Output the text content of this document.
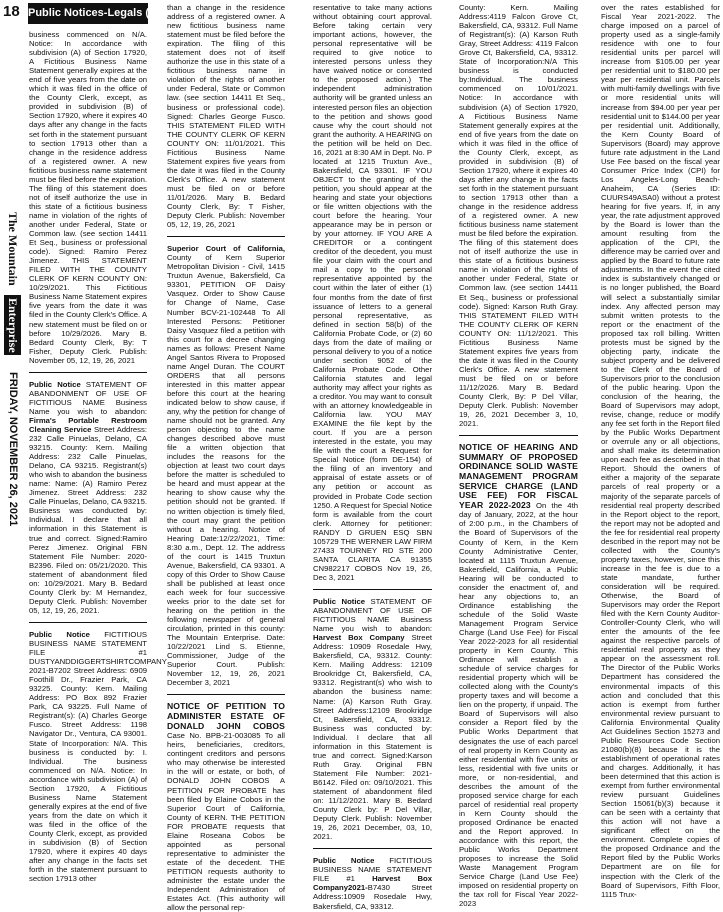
18
The Mountain Enterprise FRIDAY, NOVEMBER 26, 2021
Public Notices-Legals (cont.)

business commenced on N/A. Notice: In accordance with subdivision (A) of Section 17920, A Fictitious Business Name Statement generally expires at the end of five years from the date on which it was filed in the office of the County Clerk, except, as provided in subdivision (B) of Section 17920, where it expires 40 days after any change in the facts set forth in the statement pursuant to section 17913 other than a change in the residence address of a registered owner. A new fictitious business name statement must be filed before the expiration. The filing of this statement does not of itself authorize the use in this state of a fictitious business name in violation of the rights of another under Federal, State or Common law. (see section 14411 Et Seq., business or professional code). Signed: Ramiro Perez Jimenez. THIS STATEMENT FILED WITH THE COUNTY CLERK OF KERN COUNTY ON: 10/29/2021. This Fictitious Business Name Statement expires five years from the date it was filed in the County Clerk's Office. A new statement must be filed on or before 10/29/2026. Mary B. Bedard County Clerk, By: T Fisher, Deputy Clerk. Publish: November 05, 12, 19, 26, 2021

Public Notice STATEMENT OF ABANDONMENT OF USE OF FICTITIOUS NAME Business Name you wish to abandon: Firma's Portable Restroom Cleaning Service Street Address: 232 Calle Pinuelas, Delano, CA 93215. County: Kern. Mailing Address: 232 Calle Pinuelas, Delano, CA 93215. Registrant(s) who wish to abandon the business name: Name: (A) Ramiro Perez Jimenez. Street Address: 232 Calle Pinuelas, Delano, CA 93215. Business was conducted by: Individual. I declare that all information in this Statement is true and correct. Signed:Ramiro Perez Jimenez. Original FBN Statement File Number: 2020-B2396. Filed on: 05/21/2020. This statement of abandonment filed on: 10/29/2021. Mary B. Bedard County Clerk by: M Hernandez, Deputy Clerk. Publish: November 05, 12, 19, 26, 2021.

Public Notice FICTITIOUS BUSINESS NAME STATEMENT FILE #1 DUSTYANDDIGGERTSHIRTCOMPANY 2021-B7202 Street Address: 6909 Foothill Dr., Frazier Park, CA 93225. County: Kern. Mailing Address: PO Box 892 Frazier Park, CA 93225. Full Name of Registrant(s): (A) Charles George Fusco. Street Address: 1198 Navigator Dr., Ventura, CA 93001. State of Incorporation: N/A. This business is conducted by: I. Individual. The business commenced on N/A. Notice: In accordance with subdivision (A) of Section 17920, A Fictitious Business Name Statement generally expires at the end of five years from the date on which it was filed in the office of the County Clerk, except, as provided in subdivision (B) of Section 17920, where it expires 40 days after any change in the facts set forth in the statement pursuant to section 17913 other

than a change in the residence address of a registered owner. A new fictitious business name statement must be filed before the expiration. The filing of this statement does not of itself authorize the use in this state of a fictitious business name in violation of the rights of another under Federal, State or Common law. (see section 14411 Et Seq., business or professional code). Signed: Charles George Fusco. THIS STATEMENT FILED WITH THE COUNTY CLERK OF KERN COUNTY ON: 11/01/2021. This Fictitious Business Name Statement expires five years from the date it was filed in the County Clerk's Office. A new statement must be filed on or before 11/01/2026. Mary B. Bedard County Clerk, By: T Fisher, Deputy Clerk. Publish: November 05, 12, 19, 26, 2021

Superior Court of California, County of Kern Superior Metropolitan Division - Civil, 1415 Truxtun Avenue, Bakersfield, Ca 93301, PETITION OF Daisy Vasquez. Order to Show Cause for Change of Name, Case Number BCV-21-102448 To All Interested Persons: Petitioner Daisy Vasquez filed a petition with this court for a decree changing names as follows: Present Name Angel Santos Rivera to Proposed name Angel Duran. The COURT ORDERS that all persons interested in this matter appear before this court at the hearing indicated below to show cause, if any, why the petition for change of name should not be granted. Any person objecting to the name changes described above must file a written objection that includes the reasons for the objection at least two court days before the matter is scheduled to be heard and must appear at the hearing to show cause why the petition should not be granted. If no written objection is timely filed, the court may grant the petition without a hearing. Notice of Hearing Date:12/22/2021, Time: 8:30 a.m., Dept. 12. The address of the court is 1415 Truxtun Avenue, Bakersfield, CA 93301. A copy of this Order to Show Cause shall be published at least once each week for four successive weeks prior to the date set for hearing on the petition in the following newspaper of general circulation, printed in this county: The Mountain Enterprise. Date: 10/22/2021 Lind S. Etienne, Commissioner, Judge of the Superior Court. Publish: November 12, 19, 26, 2021 December 3, 2021

NOTICE OF PETITION TO ADMINISTER ESTATE OF DONALD JOHN COBOS Case No. BPB-21-003085 To all heirs, beneficiaries, creditors, contingent creditors and persons who may otherwise be interested in the will or estate, or both, of DONALD JOHN COBOS A PETITION FOR PROBATE has been filed by Elaine Cobos in the Superior Court of California, County of KERN. THE PETITION FOR PROBATE requests that Elaine Roseana Cobos be appointed as personal representative to administer the estate of the decedent. THE PETITION requests authority to administer the estate under the Independent Administration of Estates Act. (This authority will allow the personal rep-

resentative to take many actions without obtaining court approval. Before taking certain very important actions, however, the personal representative will be required to give notice to interested persons unless they have waived notice or consented to the proposed action.) The independent administration authority will be granted unless an interested person files an objection to the petition and shows good cause why the court should not grant the authority. A HEARING on the petition will be held on Dec. 16, 2021 at 8:30 AM in Dept. No. P located at 1215 Truxtun Ave., Bakersfield, CA 93301. IF YOU OBJECT to the granting of the petition, you should appear at the hearing and state your objections or file written objections with the court before the hearing. Your appearance may be in person or by your attorney. IF YOU ARE A CREDITOR or a contingent creditor of the decedent, you must file your claim with the court and mail a copy to the personal representative appointed by the court within the later of either (1) four months from the date of first issuance of letters to a general personal representative, as defined in section 58(b) of the California Probate Code, or (2) 60 days from the date of mailing or personal delivery to you of a notice under section 9052 of the California Probate Code. Other California statutes and legal authority may affect your rights as a creditor. You may want to consult with an attorney knowledgeable in California law. YOU MAY EXAMINE the file kept by the court. If you are a person interested in the estate, you may file with the court a Request for Special Notice (form DE-154) of the filing of an inventory and appraisal of estate assets or of any petition or account as provided in Probate Code section 1250. A Request for Special Notice form is available from the court clerk. Attorney for petitioner: RANDY D GRUEN ESQ SBN 105729 THE WERNER LAW FIRM 27433 TOURNEY RD STE 200 SANTA CLARITA CA 91355 CN982217 COBOS Nov 19, 26, Dec 3, 2021

Public Notice STATEMENT OF ABANDONMENT OF USE OF FICTITIOUS NAME Business Name you wish to abandon: Harvest Box Company Street Address: 10909 Rosedale Hwy, Bakersfield, CA, 93312. County: Kern. Mailing Address: 12109 Brookridge Ct, Bakersfield, CA, 93312. Registrant(s) who wish to abandon the business name: Name: (A) Karson Ruth Gray. Street Address:12109 Brookridge Ct, Bakersfield, CA, 93312. Business was conducted by: Individual. I declare that all information in this Statement is true and correct. Signed:Karson Ruth Gray. Original FBN Statement File Number: 2021-B6142. Filed on: 09/10/2021. This statement of abandonment filed on: 11/12/2021. Mary B. Bedard County Clerk by: P Del Villar, Deputy Clerk. Publish: November 19, 26, 2021 December, 03, 10, 2021.

Public Notice FICTITIOUS BUSINESS NAME STATEMENT FILE #1 Harvest Box Company2021-B7430 Street Address:10909 Rosedale Hwy, Bakersfield, CA, 93312.

County: Kern. Mailing Address:4119 Falcon Grove Ct, Bakersfield, CA, 93312. Full Name of Registrant(s): (A) Karson Ruth Gray, Street Address: 4119 Falcon Grove Ct, Bakersfield, CA, 93312. State of Incorporation:N/A This business is conducted by:Individual. The business commenced on 10/01/2021. Notice: In accordance with subdivision (A) of Section 17920, A Fictitious Business Name Statement generally expires at the end of five years from the date on which it was filed in the office of the County Clerk, except, as provided in subdivision (B) of Section 17920, where it expires 40 days after any change in the facts set forth in the statement pursuant to section 17913 other than a change in the residence address of a registered owner. A new fictitious business name statement must be filed before the expiration. The filing of this statement does not of itself authorize the use in this state of a fictitious business name in violation of the rights of another under Federal, State or Common law. (see section 14411 Et Seq., business or professional code). Signed: Karson Ruth Gray. THIS STATEMENT FILED WITH THE COUNTY CLERK OF KERN COUNTY ON: 11/12/2021. This Fictitious Business Name Statement expires five years from the date it was filed in the County Clerk's Office. A new statement must be filed on or before 11/12/2026. Mary B. Bedard County Clerk, By: P Del Villar, Deputy Clerk. Publish: November 19, 26, 2021 December 3, 10, 2021.

NOTICE OF HEARING AND SUMMARY OF PROPOSED ORDINANCE SOLID WASTE MANAGEMENT PROGRAM SERVICE CHARGE (LAND USE FEE) FOR FISCAL YEAR 2022-2023 On the 4th day of January, 2022, at the hour of 2:00 p.m., in the Chambers of the Board of Supervisors of the County of Kern, in the Kern County Administrative Center, located at 1115 Truxtun Avenue, Bakersfield, California, a Public Hearing will be conducted to consider the enactment of, and hear any objections to, an Ordinance establishing the schedule of the Solid Waste Management Program Service Charge (Land Use Fee) for Fiscal Year 2022-2023 for all residential property in Kern County. This Ordinance will establish a schedule of service charges for residential property which will be collected along with the County's property taxes and will become a lien on the property, if unpaid. The Board of Supervisors will also consider a Report filed by the Public Works Department that designates the use of each parcel of real property in Kern County as either residential with five units or less, residential with five units or more, or non-residential, and describes the amount of the proposed service charge for each parcel of residential real property in Kern County should the proposed Ordinance be enacted and the Report approved. In accordance with this report, the Public Works Department proposes to increase the Solid Waste Management Program Service Charge (Land Use Fee) imposed on residential property on the tax roll for Fiscal Year 2022-2023

over the rates established for Fiscal Year 2021-2022. The charge imposed on a parcel of property used as a single-family residence with one to four residential units per parcel will increase from $105.00 per year per residential unit to $180.00 per year per residential unit. Parcels with multi-family dwellings with five or more residential units will increase from $94.00 per year per residential unit to $144.00 per year per residential unit. Additionally, the Kern County Board of Supervisors (Board) may approve future rate adjustment in the Land Use Fee based on the fiscal year Consumer Price Index (CPI) for Los Angeles-Long Beach-Anaheim, CA (Series ID: CUURS49ASA0) without a protest hearing for five years. If, in any year, the rate adjustment approved by the Board is lower than the amount resulting from the application of the CPI, the difference may be carried over and applied by the Board to future rate adjustments. In the event the cited index is substantively changed or is no longer published, the Board will select a substantially similar index. Any affected person may submit written protests to the report or the enactment of the proposed tax roll billing. Written protests must be signed by the objecting party, indicate the subject property and be delivered to the Clerk of the Board of Supervisors prior to the conclusion of the public hearing. Upon the conclusion of the hearing, the Board of Supervisors may adopt, revise, change, reduce or modify any fee set forth in the Report filed by the Public Works Department or overrule any or all objections, and shall make its determination upon each fee as described in that Report. Should the owners of either a majority of the separate parcels of real property or a majority of the separate parcels of residential real property described in the Report object to the report, the report may not be adopted and the fee for residential real property described in the report may not be collected with the County's property taxes, however, since this increase in the fee is due to a state mandate, further consideration will be required. Otherwise, the Board of Supervisors may order the Report filed with the Kern County Auditor-Controller-County Clerk, who will enter the amounts of the fee against the respective parcels of residential real property as they appear on the assessment roll. The Director of the Public Works Department has considered the environmental impacts of this action and concluded that this action is exempt from further environmental review pursuant to California Environmental Quality Act Guidelines Section 15273 and Public Resources Code Section 21080(b)(8) because it is the establishment of operational rates and charges. Additionally, it has been determined that this action is exempt from further environmental review pursuant Guidelines Section 15061(b)(3) because it can be seen with a certainty that this action will not have a significant effect on the environment. Complete copies of the proposed Ordinance and the Report filed by the Public Works Department are on file for inspection with the Clerk of the Board of Supervisors, Fifth Floor, 1115 Trux-
